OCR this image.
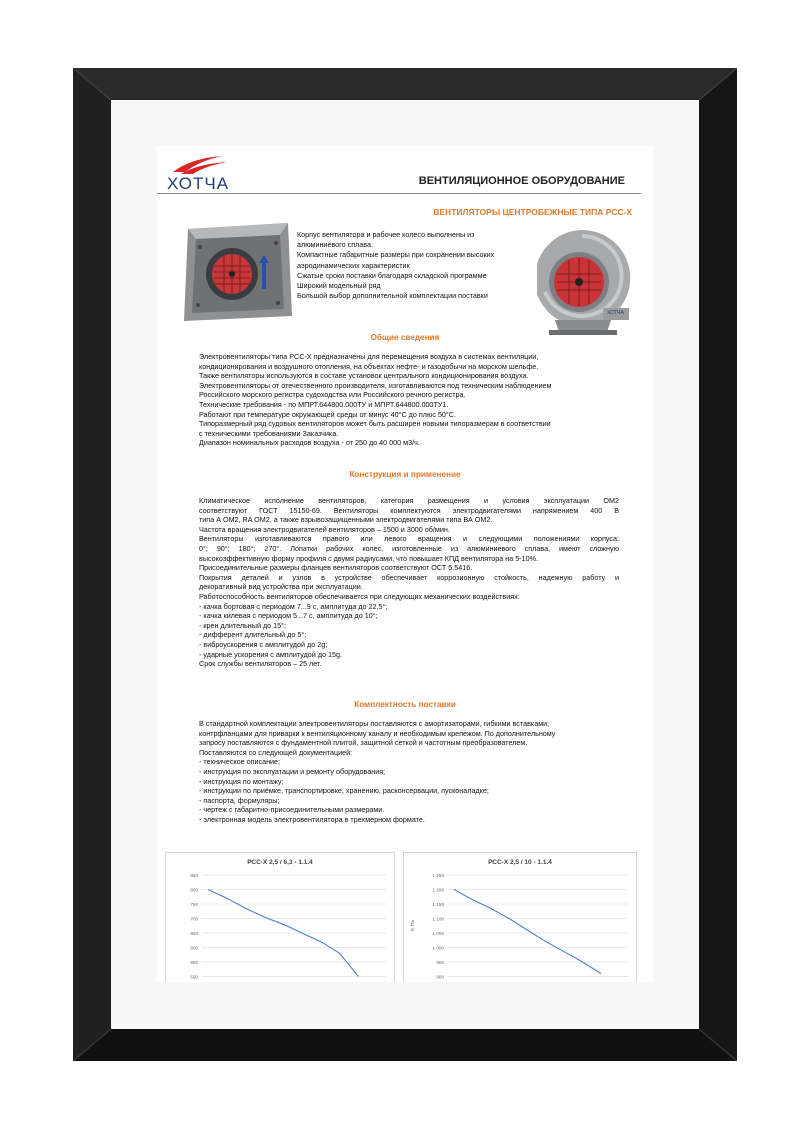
ХОТЧА	ВЕНТИЛЯЦИОННОЕ ОБОРУДОВАНИЕ
ВЕНТИЛЯТОРЫ ЦЕНТРОБЕЖНЫЕ ТИПА РСС-Х
Корпус вентилятора и рабочее колесо выполнены из
алюминиевого сплава.
Компактные габаритные размеры при сохранении высоких
аэродинамических характеристик
Сжатые сроки поставки благодаря складской программе
Широкий модельный ряд
Большой выбор дополнительной комплектации поставки
ХОТЧА
Общие сведения
Электровентиляторы типа РСС-Х предназначены для перемещения воздуха в системах вентиляции,
кондиционирования и воздушного отопления, на объектах нефте- и газодобычи на морском шельфе.
Также вентиляторы используются в составе установок центрального кондиционирования воздуха.
Электровентиляторы от отечественного производителя, изготавливаются под техническим наблюдением
Российского морского регистра судоходства или Российского речного регистра.
Технические требования - по МПРТ.644800.000ТУ и МПРТ.644800.000ТУ1.
Работают при температуре окружающей среды от минус 40°С до плюс 50°С.
Типоразмерный ряд судовых вентиляторов может быть расширен новыми типоразмерам в соответствии
с техническими требованиями Заказчика.
Диапазон номинальных расходов воздуха - от 250 до 40 000 м3/ч.
Конструкция и применение
Климатическое исполнение вентиляторов, категория размещения и условия эксплуатации ОМ2
соответствуют ГОСТ 15150-69. Вентиляторы комплектуются электродвигателями напряжением 400 В
типа А ОМ2, RA ОМ2, а также взрывозащищенными электродвигателями типа ВА ОМ2.
Частота вращения электродвигателей вентиляторов – 1500 и 3000 об/мин.
Вентиляторы изготавливаются правого или левого вращения и следующими положениями корпуса:
0°; 90°; 180°; 270°. Лопатки рабочих колес, изготовленные из алюминиевого сплава, имеют сложную
высокоэффективную форму профиля с двумя радиусами, что повышает КПД вентилятора на 5-10%.
Присоединительные размеры фланцев вентиляторов соответствуют ОСТ 5.5416.
Покрытия деталей и узлов в устройстве обеспечивает коррозионную стойкость, надежную работу и
декоративный вид устройства при эксплуатации.
Работоспособность вентиляторов обеспечивается при следующих механических воздействиях:
- качка бортовая с периодом 7...9 с, амплитуда до 22,5°;
- качка килевая с периодом 5...7 с, амплитуда до 10°;
- крен длительный до 15°;
- дифферент длительный до 5°;
- виброускорения с амплитудой до 2g;
- ударные ускорения с амплитудой до 15g.
Срок службы вентиляторов – 25 лет.
Комплектность поставки
В стандартной комплектации электровентиляторы поставляются с амортизаторами, гибкими вставками,
контрфланцами для приварки к вентиляционному каналу и необходимым крепежом. По дополнительному
запросу поставляются с фундаментной плитой, защитной сеткой и частотным преобразователем.
Поставляются со следующей документацией:
- техническое описание;
- инструкция по эксплуатации и ремонту оборудования;
- инструкция по монтажу;
- инструкции по приёмке, транспортировке, хранению, расконсервации, пусконаладке;
- паспорта, формуляры;
- чертеж с габаритно-присоединительными размерами.
- электронная модель электровентилятора в трехмерном формате.
РСС-Х 2,5 / 6,3 - 1.1.4
850
800
750
700
650
600
550
500
РСС-Х 2,5 / 10 - 1.1.4
1 250
1 200
1 150
1 100
1 050
1 000
950
900
P, Па
